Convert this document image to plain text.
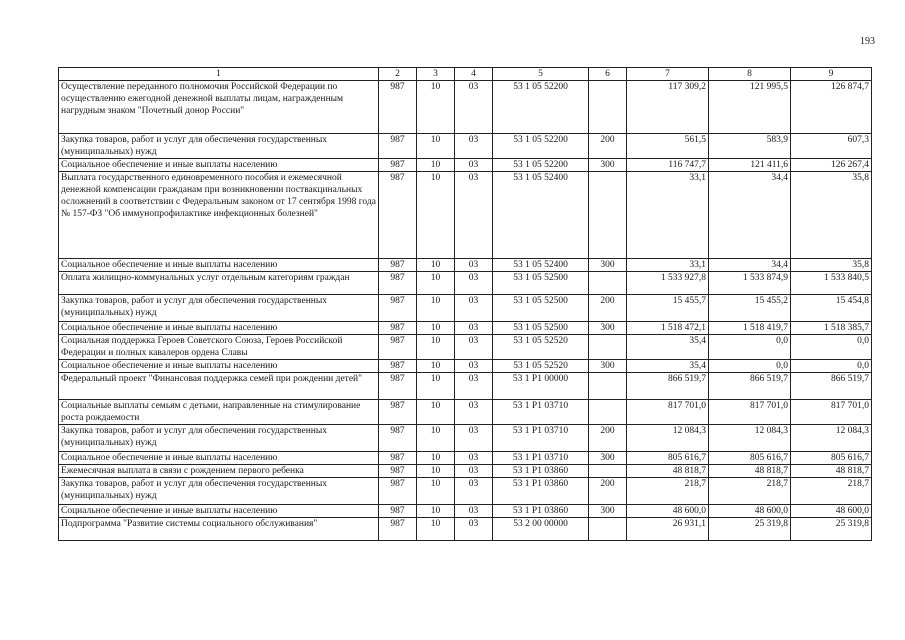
193
1	2	3	4	5	6	7	8	9
Осуществление переданного полномочия Российской Федерации по осуществлению ежегодной денежной выплаты лицам, награжденным нагрудным знаком "Почетный донор России"	987	10	03	53 1 05 52200		117 309,2	121 995,5	126 874,7
Закупка товаров, работ и услуг для обеспечения государственных (муниципальных) нужд	987	10	03	53 1 05 52200	200	561,5	583,9	607,3
Социальное обеспечение и иные выплаты населению	987	10	03	53 1 05 52200	300	116 747,7	121 411,6	126 267,4
Выплата государственного единовременного пособия и ежемесячной денежной компенсации гражданам при возникновении поствакцинальных осложнений в соответствии с Федеральным законом от 17 сентября 1998 года № 157-ФЗ "Об иммунопрофилактике инфекционных болезней"	987	10	03	53 1 05 52400		33,1	34,4	35,8
Социальное обеспечение и иные выплаты населению	987	10	03	53 1 05 52400	300	33,1	34,4	35,8
Оплата жилищно-коммунальных услуг отдельным категориям граждан	987	10	03	53 1 05 52500		1 533 927,8	1 533 874,9	1 533 840,5
Закупка товаров, работ и услуг для обеспечения государственных (муниципальных) нужд	987	10	03	53 1 05 52500	200	15 455,7	15 455,2	15 454,8
Социальное обеспечение и иные выплаты населению	987	10	03	53 1 05 52500	300	1 518 472,1	1 518 419,7	1 518 385,7
Социальная поддержка Героев Советского Союза, Героев Российской Федерации и полных кавалеров ордена Славы	987	10	03	53 1 05 52520		35,4	0,0	0,0
Социальное обеспечение и иные выплаты населению	987	10	03	53 1 05 52520	300	35,4	0,0	0,0
Федеральный проект "Финансовая поддержка семей при рождении детей"	987	10	03	53 1 P1 00000		866 519,7	866 519,7	866 519,7
Социальные выплаты семьям с детьми, направленные на стимулирование роста рождаемости	987	10	03	53 1 P1 03710		817 701,0	817 701,0	817 701,0
Закупка товаров, работ и услуг для обеспечения государственных (муниципальных) нужд	987	10	03	53 1 P1 03710	200	12 084,3	12 084,3	12 084,3
Социальное обеспечение и иные выплаты населению	987	10	03	53 1 P1 03710	300	805 616,7	805 616,7	805 616,7
Ежемесячная выплата в связи с рождением первого ребенка	987	10	03	53 1 P1 03860		48 818,7	48 818,7	48 818,7
Закупка товаров, работ и услуг для обеспечения государственных (муниципальных) нужд	987	10	03	53 1 P1 03860	200	218,7	218,7	218,7
Социальное обеспечение и иные выплаты населению	987	10	03	53 1 P1 03860	300	48 600,0	48 600,0	48 600,0
Подпрограмма "Развитие системы социального обслуживания"	987	10	03	53 2 00 00000		26 931,1	25 319,8	25 319,8
